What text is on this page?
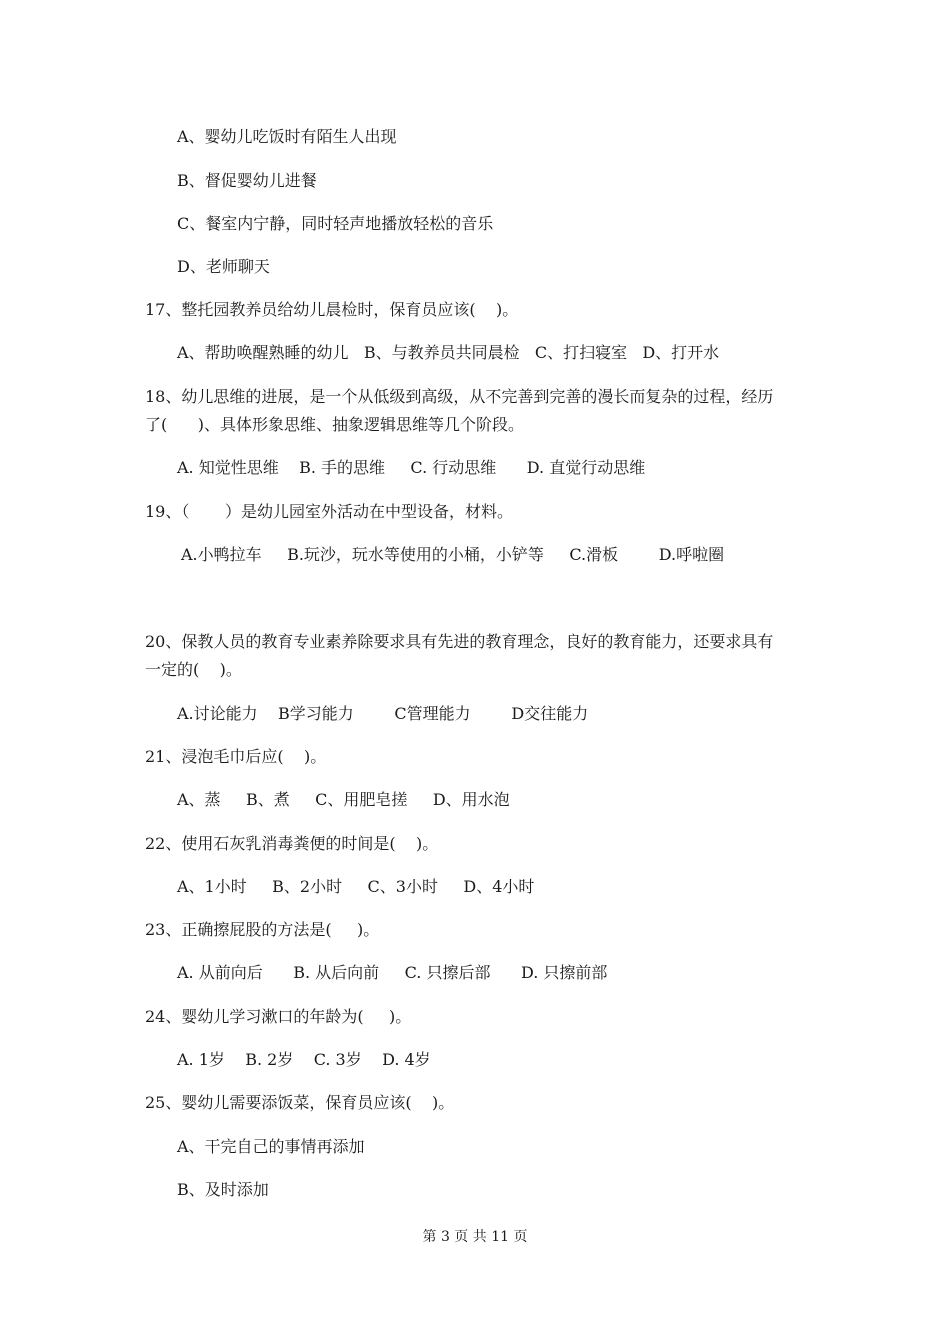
A、婴幼儿吃饭时有陌生人出现
B、督促婴幼儿进餐
C、餐室内宁静，同时轻声地播放轻松的音乐
D、老师聊天
17、整托园教养员给幼儿晨检时，保育员应该(    )。
A、帮助唤醒熟睡的幼儿   B、与教养员共同晨检   C、打扫寝室   D、打开水
18、幼儿思维的进展，是一个从低级到高级，从不完善到完善的漫长而复杂的过程，经历
了(      )、具体形象思维、抽象逻辑思维等几个阶段。
A. 知觉性思维    B. 手的思维     C. 行动思维      D. 直觉行动思维
19、（       ）是幼儿园室外活动在中型设备，材料。
A.小鸭拉车     B.玩沙，玩水等使用的小桶，小铲等     C.滑板        D.呼啦圈
20、保教人员的教育专业素养除要求具有先进的教育理念，良好的教育能力，还要求具有
一定的(    )。
A.讨论能力    B学习能力        C管理能力        D交往能力
21、浸泡毛巾后应(    )。
A、蒸     B、煮     C、用肥皂搓     D、用水泡
22、使用石灰乳消毒粪便的时间是(    )。
A、1小时     B、2小时     C、3小时     D、4小时
23、正确擦屁股的方法是(     )。
A. 从前向后      B. 从后向前     C. 只擦后部      D. 只擦前部
24、婴幼儿学习漱口的年龄为(     )。
A. 1岁    B. 2岁    C. 3岁    D. 4岁
25、婴幼儿需要添饭菜，保育员应该(    )。
A、干完自己的事情再添加
B、及时添加
第 3 页 共 11 页
